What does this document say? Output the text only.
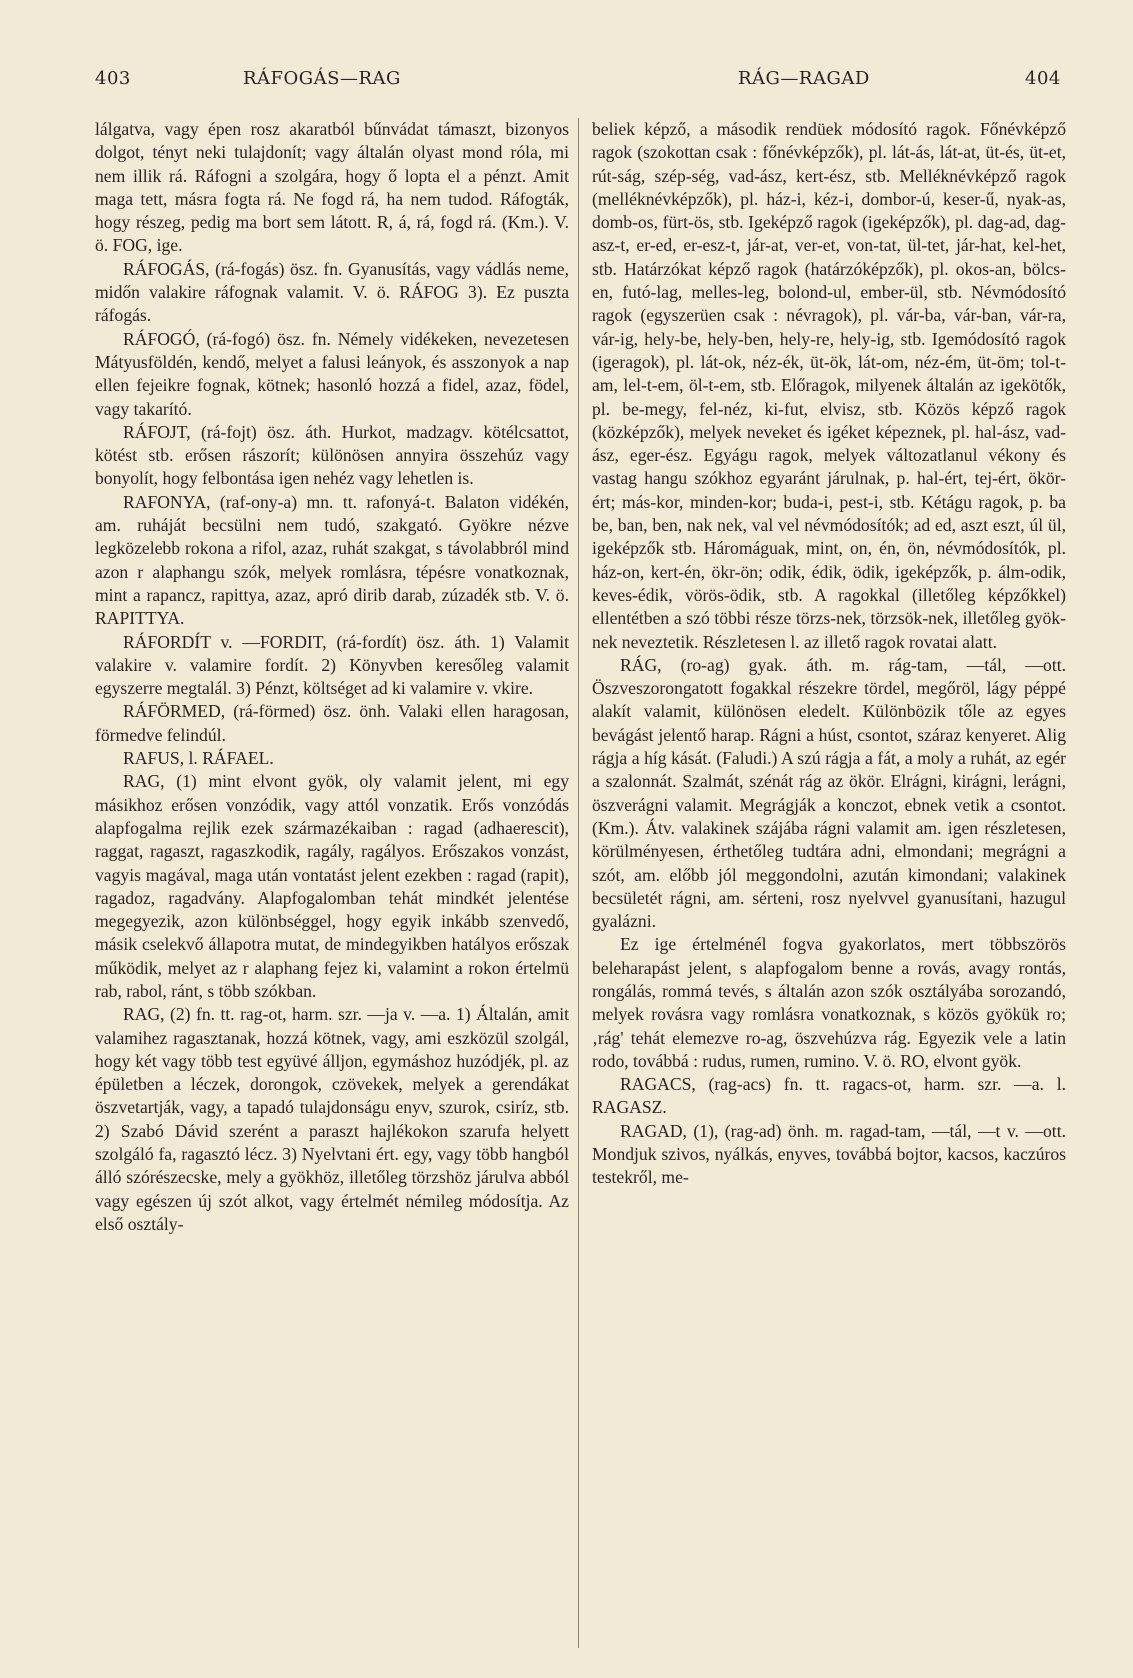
403	RÁFOGÁS—RAG	RÁG—RAGAD	404

lálgatva, vagy épen rosz akaratból bűnvádat támaszt, bizonyos dolgot, tényt neki tulajdonít; vagy általán olyast mond róla, mi nem illik rá. Ráfogni a szolgára, hogy ő lopta el a pénzt. Amit maga tett, másra fogta rá. Ne fogd rá, ha nem tudod. Ráfogták, hogy részeg, pedig ma bort sem látott. R, á, rá, fogd rá. (Km.). V. ö. FOG, ige.

RÁFOGÁS, (rá-fogás) ösz. fn. Gyanusítás, vagy vádlás neme, midőn valakire ráfognak valamit. V. ö. RÁFOG 3). Ez puszta ráfogás.

RÁFOGÓ, (rá-fogó) ösz. fn. Némely vidékeken, nevezetesen Mátyusföldén, kendő, melyet a falusi leányok, és asszonyok a nap ellen fejeikre fognak, kötnek; hasonló hozzá a fidel, azaz, födel, vagy takarító.

RÁFOJT, (rá-fojt) ösz. áth. Hurkot, madzagv. kötélcsattot, kötést stb. erősen rászorít; különösen annyira összehúz vagy bonyolít, hogy felbontása igen nehéz vagy lehetlen is.

RAFONYA, (raf-ony-a) mn. tt. rafonyá-t. Balaton vidékén, am. ruháját becsülni nem tudó, szakgató. Gyökre nézve legközelebb rokona a rifol, azaz, ruhát szakgat, s távolabbról mind azon r alaphangu szók, melyek romlásra, tépésre vonatkoznak, mint a rapancz, rapittya, azaz, apró dirib darab, zúzadék stb. V. ö. RAPITTYA.

RÁFORDÍT v. —FORDIT, (rá-fordít) ösz. áth. 1) Valamit valakire v. valamire fordít. 2) Könyvben keresőleg valamit egyszerre megtalál. 3) Pénzt, költséget ad ki valamire v. vkire.

RÁFÖRMED, (rá-förmed) ösz. önh. Valaki ellen haragosan, förmedve felindúl.

RAFUS, l. RÁFAEL.

RAG, (1) mint elvont gyök, oly valamit jelent, mi egy másikhoz erősen vonzódik, vagy attól vonzatik. Erős vonzódás alapfogalma rejlik ezek származékaiban : ragad (adhaerescit), raggat, ragaszt, ragaszkodik, ragály, ragályos. Erőszakos vonzást, vagyis magával, maga után vontatást jelent ezekben : ragad (rapit), ragadoz, ragadvány. Alapfogalomban tehát mindkét jelentése megegyezik, azon különbséggel, hogy egyik inkább szenvedő, másik cselekvő állapotra mutat, de mindegyikben hatályos erőszak működik, melyet az r alaphang fejez ki, valamint a rokon értelmü rab, rabol, ránt, s több szókban.

RAG, (2) fn. tt. rag-ot, harm. szr. —ja v. —a. 1) Általán, amit valamihez ragasztanak, hozzá kötnek, vagy, ami eszközül szolgál, hogy két vagy több test együvé álljon, egymáshoz huzódjék, pl. az épületben a léczek, dorongok, czövekek, melyek a gerendákat öszvetartják, vagy, a tapadó tulajdonságu enyv, szurok, csiríz, stb. 2) Szabó Dávid szerént a paraszt hajlékokon szarufa helyett szolgáló fa, ragasztó lécz. 3) Nyelvtani ért. egy, vagy több hangból álló szórészecske, mely a gyökhöz, illetőleg törzshöz járulva abból vagy egészen új szót alkot, vagy értelmét némileg módosítja. Az első osztály-

beliek képző, a második rendüek módosító ragok. Főnévképző ragok (szokottan csak : főnévképzők), pl. lát-ás, lát-at, üt-és, üt-et, rút-ság, szép-ség, vad-ász, kert-ész, stb. Melléknévképző ragok (melléknévképzők), pl. ház-i, kéz-i, dombor-ú, keser-ű, nyak-as, domb-os, fürt-ös, stb. Igeképző ragok (igeképzők), pl. dag-ad, dag-asz-t, er-ed, er-esz-t, jár-at, ver-et, von-tat, ül-tet, jár-hat, kel-het, stb. Határzókat képző ragok (határzóképzők), pl. okos-an, bölcs-en, futó-lag, melles-leg, bolond-ul, ember-ül, stb. Névmódosító ragok (egyszerüen csak : névragok), pl. vár-ba, vár-ban, vár-ra, vár-ig, hely-be, hely-ben, hely-re, hely-ig, stb. Igemódosító ragok (igeragok), pl. lát-ok, néz-ék, üt-ök, lát-om, néz-ém, üt-öm; tol-t-am, lel-t-em, öl-t-em, stb. Előragok, milyenek általán az igekötők, pl. be-megy, fel-néz, ki-fut, elvisz, stb. Közös képző ragok (közképzők), melyek neveket és igéket képeznek, pl. hal-ász, vad-ász, eger-ész. Egyágu ragok, melyek változatlanul vékony és vastag hangu szókhoz egyaránt járulnak, p. hal-ért, tej-ért, ökör-ért; más-kor, minden-kor; buda-i, pest-i, stb. Kétágu ragok, p. ba be, ban, ben, nak nek, val vel névmódosítók; ad ed, aszt eszt, úl ül, igeképzők stb. Háromáguak, mint, on, én, ön, névmódosítók, pl. ház-on, kert-én, ökr-ön; odik, édik, ödik, igeképzők, p. álm-odik, keves-édik, vörös-ödik, stb. A ragokkal (illetőleg képzőkkel) ellentétben a szó többi része törzs-nek, törzsök-nek, illetőleg gyök-nek neveztetik. Részletesen l. az illető ragok rovatai alatt.

RÁG, (ro-ag) gyak. áth. m. rág-tam, —tál, —ott. Öszveszorongatott fogakkal részekre tördel, megőröl, lágy péppé alakít valamit, különösen eledelt. Különbözik tőle az egyes bevágást jelentő harap. Rágni a húst, csontot, száraz kenyeret. Alig rágja a híg kását. (Faludi.) A szú rágja a fát, a moly a ruhát, az egér a szalonnát. Szalmát, szénát rág az ökör. Elrágni, kirágni, lerágni, öszverágni valamit. Megrágják a konczot, ebnek vetik a csontot. (Km.). Átv. valakinek szájába rágni valamit am. igen részletesen, körülményesen, érthetőleg tudtára adni, elmondani; megrágni a szót, am. előbb jól meggondolni, azután kimondani; valakinek becsületét rágni, am. sérteni, rosz nyelvvel gyanusítani, hazugul gyalázni.

Ez ige értelménél fogva gyakorlatos, mert többszörös beleharapást jelent, s alapfogalom benne a rovás, avagy rontás, rongálás, rommá tevés, s általán azon szók osztályába sorozandó, melyek rovásra vagy romlásra vonatkoznak, s közös gyökük ro; ‚rág' tehát elemezve ro-ag, öszvehúzva rág. Egyezik vele a latin rodo, továbbá : rudus, rumen, rumino. V. ö. RO, elvont gyök.

RAGACS, (rag-acs) fn. tt. ragacs-ot, harm. szr. —a. l. RAGASZ.

RAGAD, (1), (rag-ad) önh. m. ragad-tam, —tál, —t v. —ott. Mondjuk szivos, nyálkás, enyves, továbbá bojtor, kacsos, kaczúros testekről, me-
